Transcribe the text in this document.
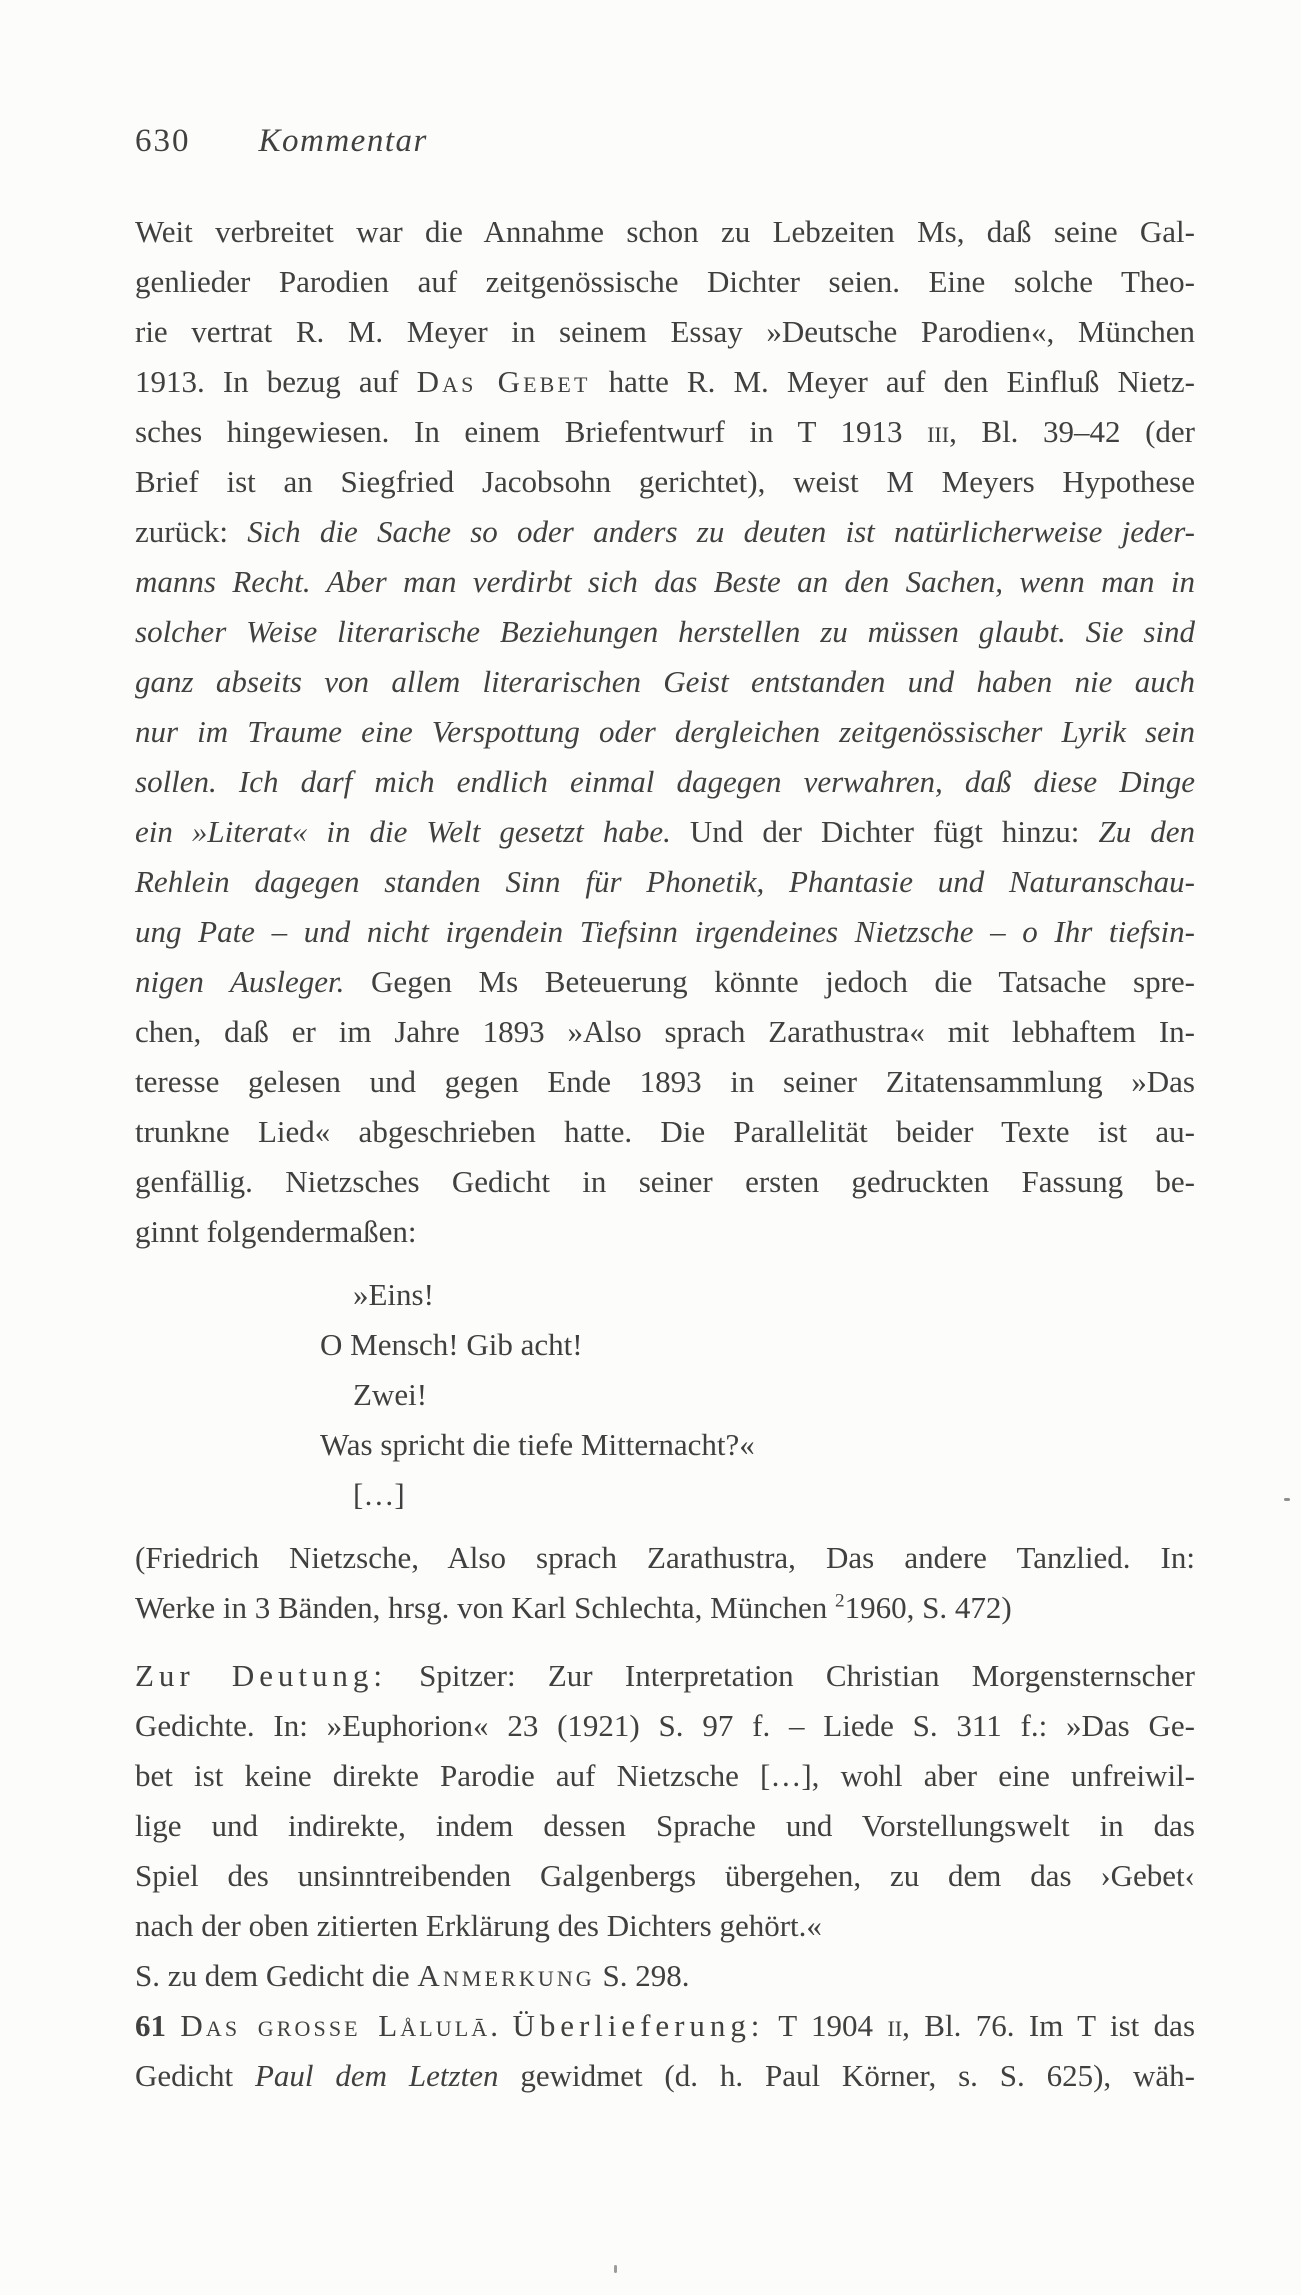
630 Kommentar
Weit verbreitet war die Annahme schon zu Lebzeiten Ms, daß seine Gal-
genlieder Parodien auf zeitgenössische Dichter seien. Eine solche Theo-
rie vertrat R. M. Meyer in seinem Essay »Deutsche Parodien«, München
1913. In bezug auf Das Gebet hatte R. M. Meyer auf den Einfluß Nietz-
sches hingewiesen. In einem Briefentwurf in T 1913 iii, Bl. 39–42 (der
Brief ist an Siegfried Jacobsohn gerichtet), weist M Meyers Hypothese
zurück: Sich die Sache so oder anders zu deuten ist natürlicherweise jeder-
manns Recht. Aber man verdirbt sich das Beste an den Sachen, wenn man in
solcher Weise literarische Beziehungen herstellen zu müssen glaubt. Sie sind
ganz abseits von allem literarischen Geist entstanden und haben nie auch
nur im Traume eine Verspottung oder dergleichen zeitgenössischer Lyrik sein
sollen. Ich darf mich endlich einmal dagegen verwahren, daß diese Dinge
ein »Literat« in die Welt gesetzt habe. Und der Dichter fügt hinzu: Zu den
Rehlein dagegen standen Sinn für Phonetik, Phantasie und Naturanschau-
ung Pate – und nicht irgendein Tiefsinn irgendeines Nietzsche – o Ihr tiefsin-
nigen Ausleger. Gegen Ms Beteuerung könnte jedoch die Tatsache spre-
chen, daß er im Jahre 1893 »Also sprach Zarathustra« mit lebhaftem In-
teresse gelesen und gegen Ende 1893 in seiner Zitatensammlung »Das
trunkne Lied« abgeschrieben hatte. Die Parallelität beider Texte ist au-
genfällig. Nietzsches Gedicht in seiner ersten gedruckten Fassung be-
ginnt folgendermaßen:
»Eins!
O Mensch! Gib acht!
Zwei!
Was spricht die tiefe Mitternacht?«
[…]
(Friedrich Nietzsche, Also sprach Zarathustra, Das andere Tanzlied. In:
Werke in 3 Bänden, hrsg. von Karl Schlechta, München $^2$1960, S. 472)
Zur Deutung: Spitzer: Zur Interpretation Christian Morgensternscher
Gedichte. In: »Euphorion« 23 (1921) S. 97 f. – Liede S. 311 f.: »Das Ge-
bet ist keine direkte Parodie auf Nietzsche […], wohl aber eine unfreiwil-
lige und indirekte, indem dessen Sprache und Vorstellungswelt in das
Spiel des unsinntreibenden Galgenbergs übergehen, zu dem das ›Gebet‹
nach der oben zitierten Erklärung des Dichters gehört.«
S. zu dem Gedicht die Anmerkung S. 298.
61 Das grosse Lålulā. Überlieferung: T 1904 ii, Bl. 76. Im T ist das
Gedicht Paul dem Letzten gewidmet (d. h. Paul Körner, s. S. 625), wäh-
